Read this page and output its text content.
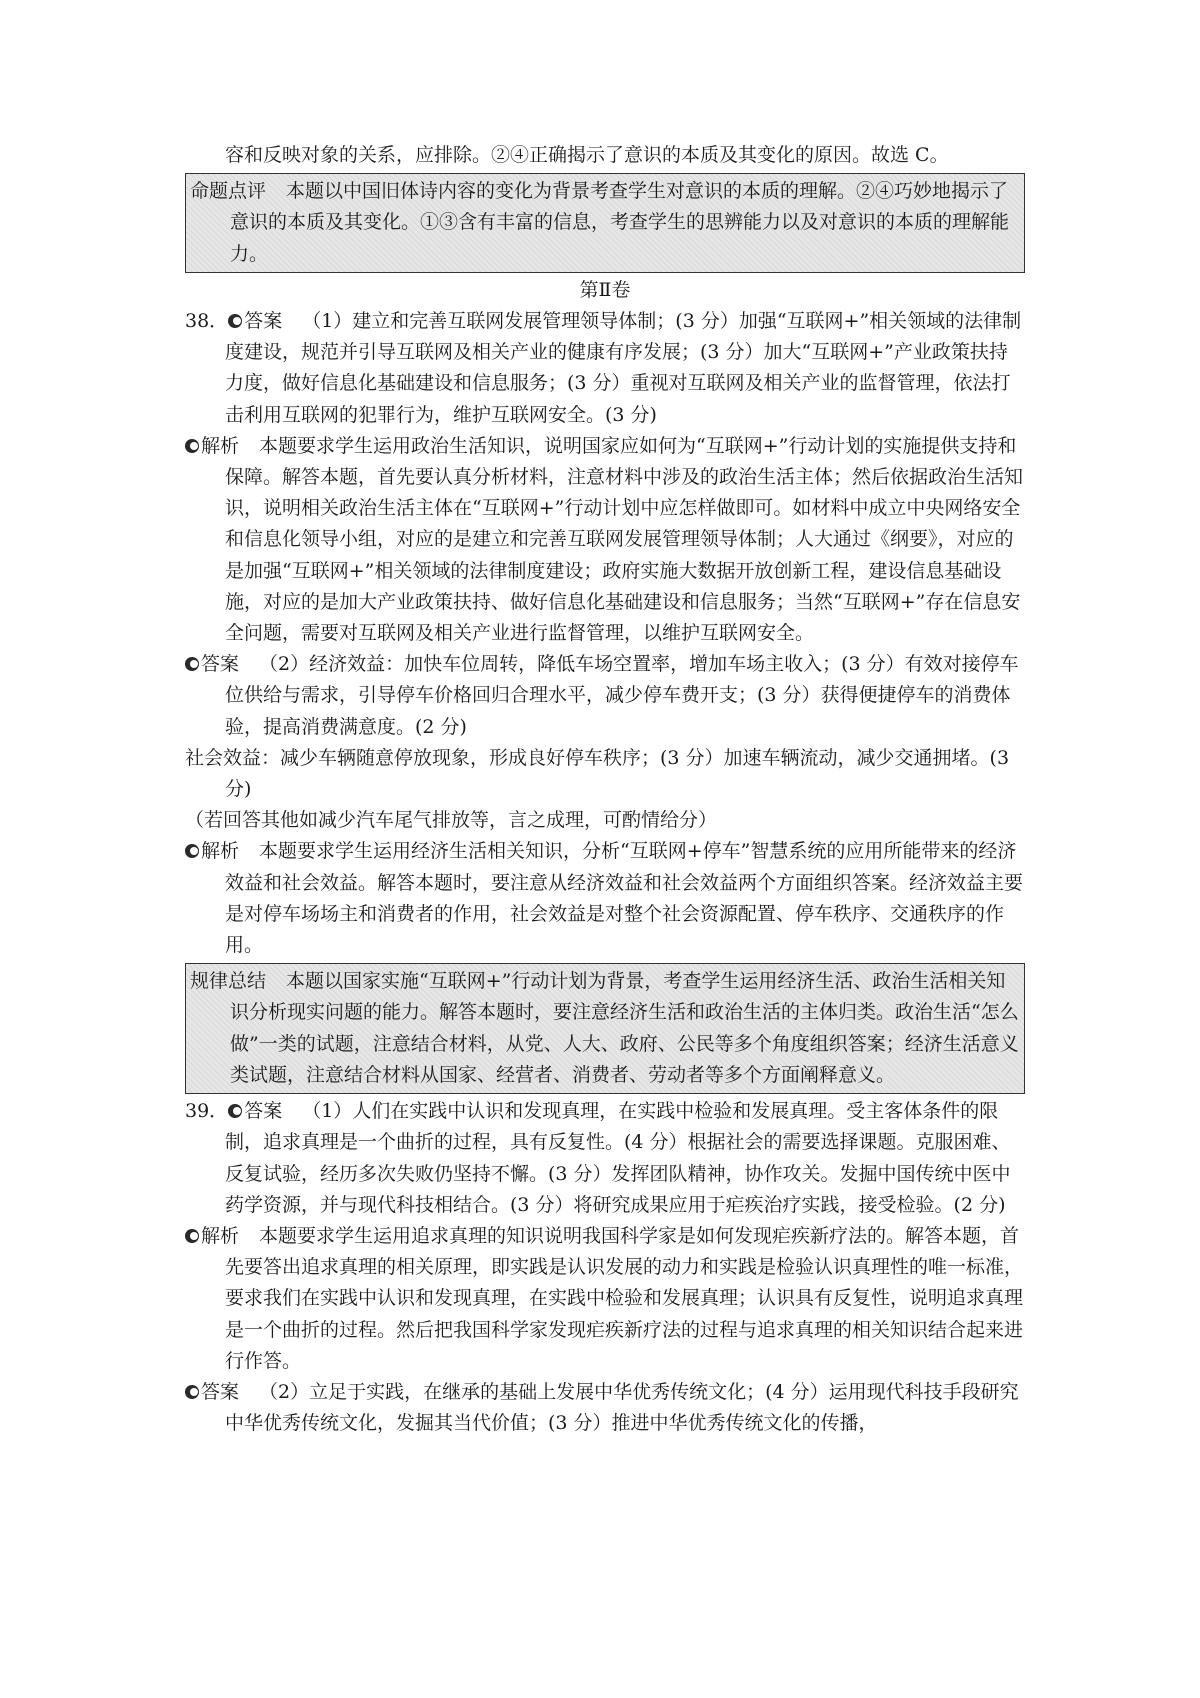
容和反映对象的关系，应排除。②④正确揭示了意识的本质及其变化的原因。故选 C。

命题点评 本题以中国旧体诗内容的变化为背景考查学生对意识的本质的理解。②④巧妙地揭示了意识的本质及其变化。①③含有丰富的信息，考查学生的思辨能力以及对意识的本质的理解能力。

第Ⅱ卷

38． 答案 （1）建立和完善互联网发展管理领导体制；(3 分）加强“互联网+”相关领域的法律制度建设，规范并引导互联网及相关产业的健康有序发展；(3 分）加大“互联网+”产业政策扶持力度，做好信息化基础建设和信息服务；(3 分）重视对互联网及相关产业的监督管理，依法打击利用互联网的犯罪行为，维护互联网安全。(3 分)

解析 本题要求学生运用政治生活知识，说明国家应如何为“互联网+”行动计划的实施提供支持和保障。解答本题，首先要认真分析材料，注意材料中涉及的政治生活主体；然后依据政治生活知识，说明相关政治生活主体在“互联网+”行动计划中应怎样做即可。如材料中成立中央网络安全和信息化领导小组，对应的是建立和完善互联网发展管理领导体制；人大通过《纲要》，对应的是加强“互联网+”相关领域的法律制度建设；政府实施大数据开放创新工程，建设信息基础设施，对应的是加大产业政策扶持、做好信息化基础建设和信息服务；当然“互联网+”存在信息安全问题，需要对互联网及相关产业进行监督管理，以维护互联网安全。

答案 （2）经济效益：加快车位周转，降低车场空置率，增加车场主收入；(3 分）有效对接停车位供给与需求，引导停车价格回归合理水平，减少停车费开支；(3 分）获得便捷停车的消费体验，提高消费满意度。(2 分)

社会效益：减少车辆随意停放现象，形成良好停车秩序；(3 分）加速车辆流动，减少交通拥堵。(3 分)

（若回答其他如减少汽车尾气排放等，言之成理，可酌情给分）

解析 本题要求学生运用经济生活相关知识，分析“互联网+停车”智慧系统的应用所能带来的经济效益和社会效益。解答本题时，要注意从经济效益和社会效益两个方面组织答案。经济效益主要是对停车场场主和消费者的作用，社会效益是对整个社会资源配置、停车秩序、交通秩序的作用。

规律总结 本题以国家实施“互联网+”行动计划为背景，考查学生运用经济生活、政治生活相关知识分析现实问题的能力。解答本题时，要注意经济生活和政治生活的主体归类。政治生活“怎么做”一类的试题，注意结合材料，从党、人大、政府、公民等多个角度组织答案；经济生活意义类试题，注意结合材料从国家、经营者、消费者、劳动者等多个方面阐释意义。

39． 答案 （1）人们在实践中认识和发现真理，在实践中检验和发展真理。受主客体条件的限制，追求真理是一个曲折的过程，具有反复性。(4 分）根据社会的需要选择课题。克服困难、反复试验，经历多次失败仍坚持不懈。(3 分）发挥团队精神，协作攻关。发掘中国传统中医中药学资源，并与现代科技相结合。(3 分）将研究成果应用于疟疾治疗实践，接受检验。(2 分)

解析 本题要求学生运用追求真理的知识说明我国科学家是如何发现疟疾新疗法的。解答本题，首先要答出追求真理的相关原理，即实践是认识发展的动力和实践是检验认识真理性的唯一标准，要求我们在实践中认识和发现真理，在实践中检验和发展真理；认识具有反复性，说明追求真理是一个曲折的过程。然后把我国科学家发现疟疾新疗法的过程与追求真理的相关知识结合起来进行作答。

答案 （2）立足于实践，在继承的基础上发展中华优秀传统文化；(4 分）运用现代科技手段研究中华优秀传统文化，发掘其当代价值；(3 分）推进中华优秀传统文化的传播，
